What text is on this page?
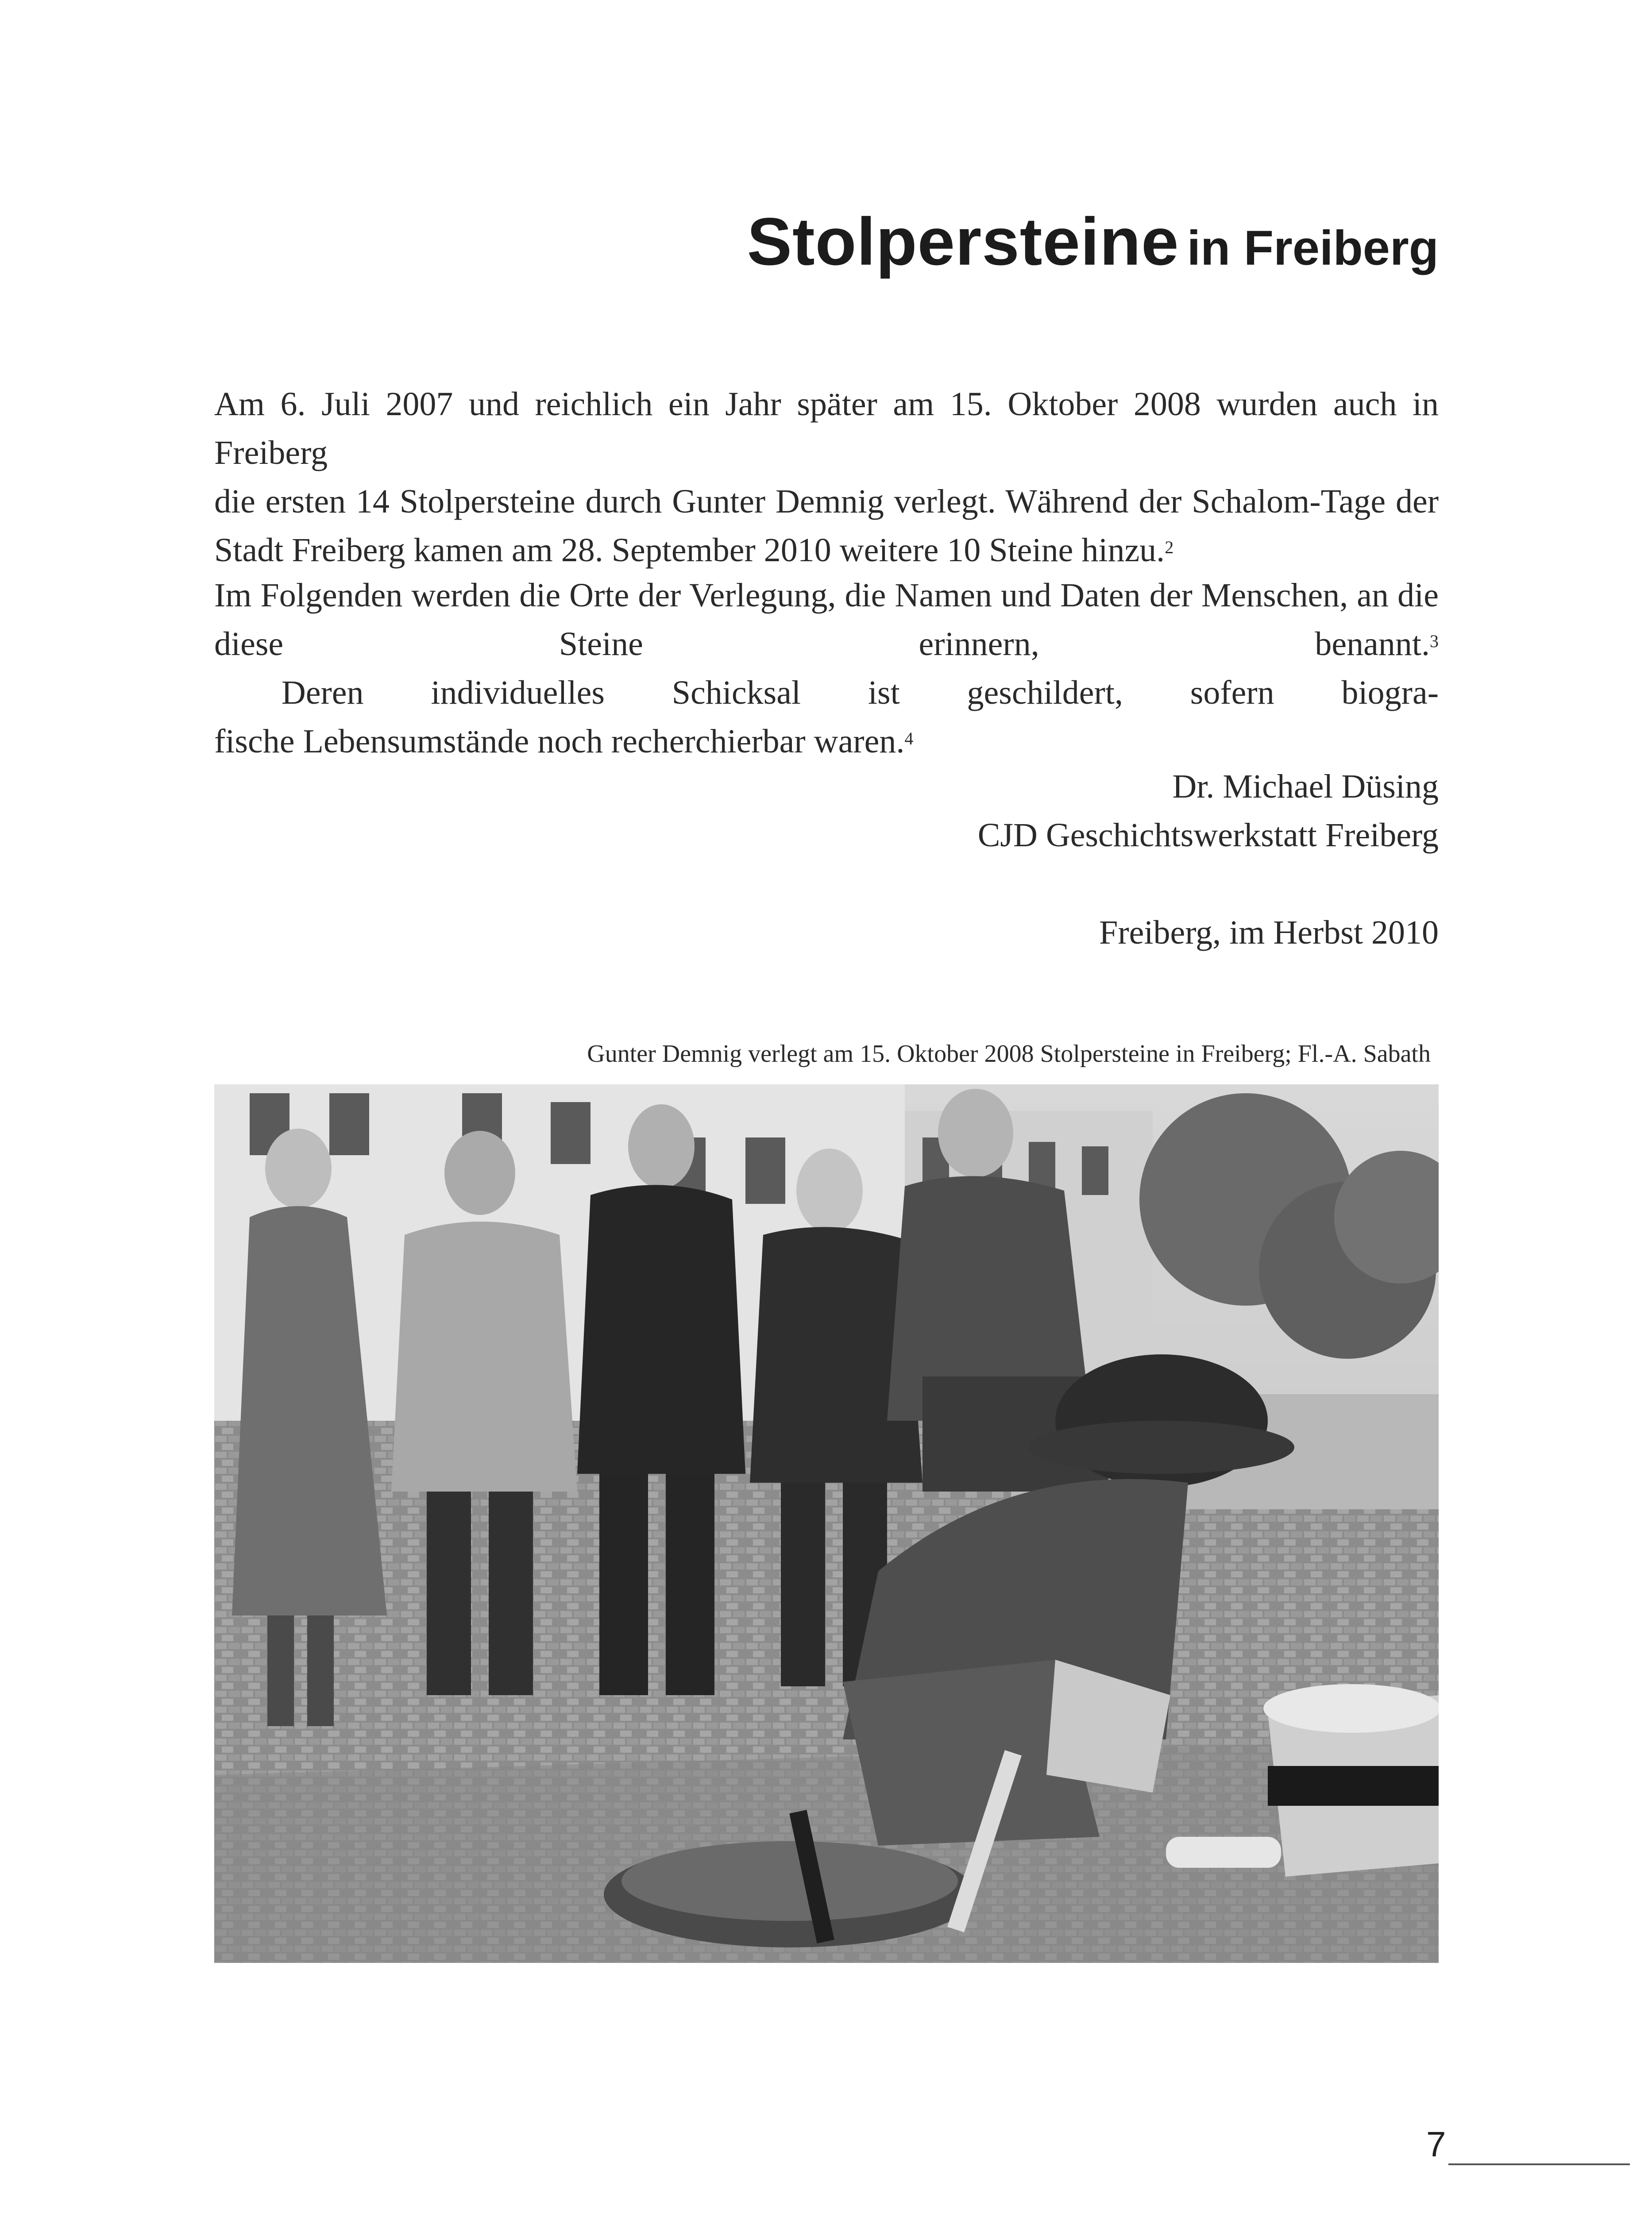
Stolpersteine in Freiberg

Am 6. Juli 2007 und reichlich ein Jahr später am 15. Oktober 2008 wurden auch in Freiberg
die ersten 14 Stolpersteine durch Gunter Demnig verlegt. Während der Schalom-Tage der
Stadt Freiberg kamen am 28. September 2010 weitere 10 Steine hinzu.$^2$

Im Folgenden werden die Orte der Verlegung, die Namen und Daten der Menschen, an die
diese Steine erinnern, benannt.$^3$ Deren individuelles Schicksal ist geschildert, sofern biogra-
fische Lebensumstände noch recherchierbar waren.$^4$

Dr. Michael Düsing
CJD Geschichtswerkstatt Freiberg
Freiberg, im Herbst 2010

Gunter Demnig verlegt am 15. Oktober 2008 Stolpersteine in Freiberg; Fl.-A. Sabath

7
